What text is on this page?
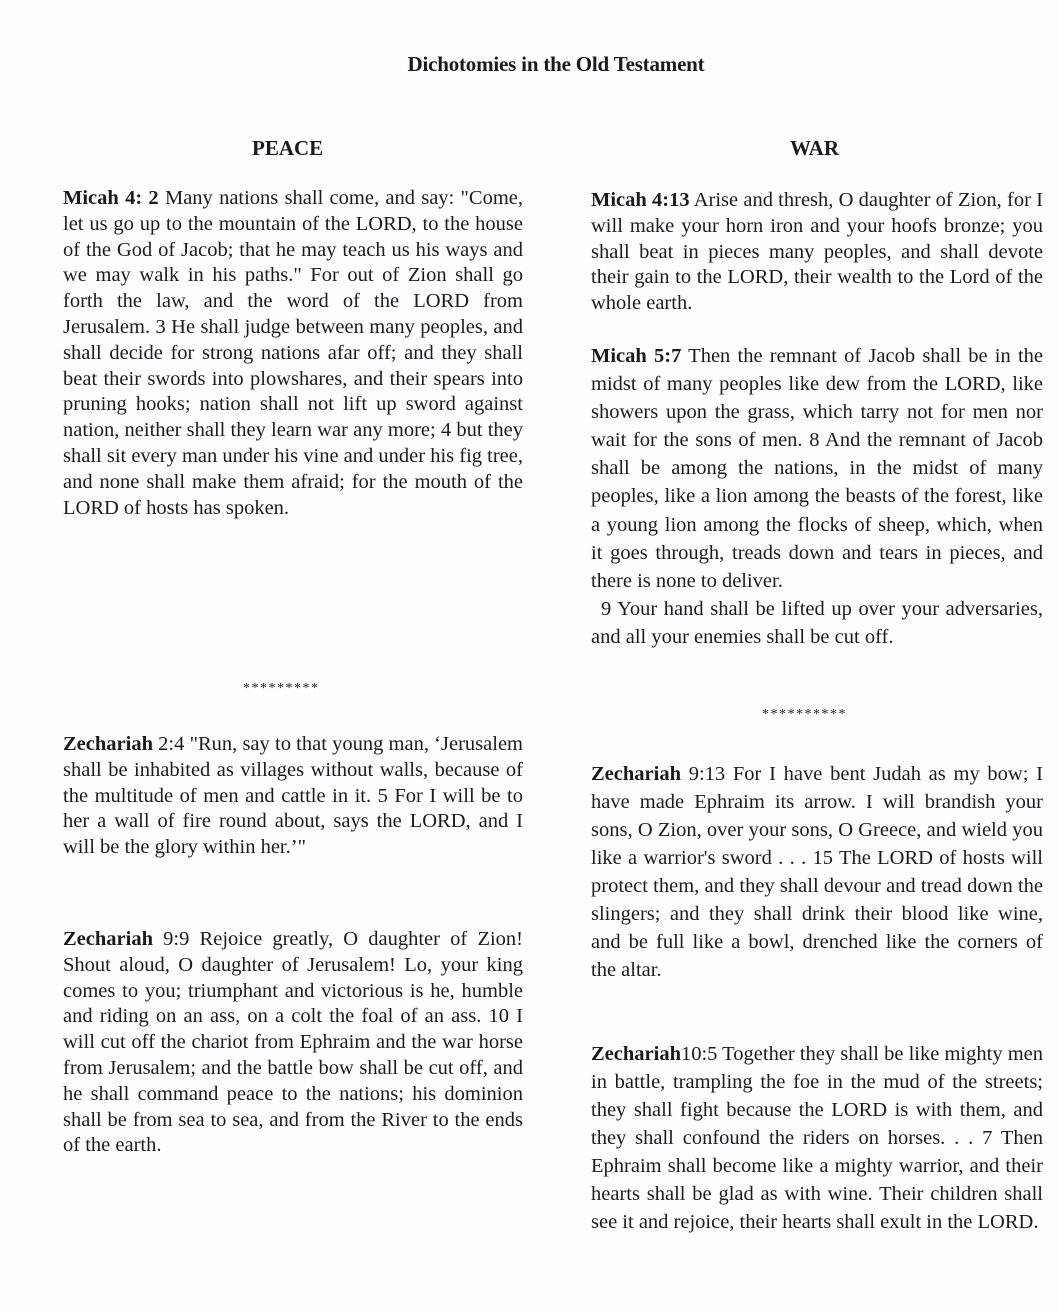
Dichotomies in the Old Testament
PEACE	WAR

Micah 4: 2 Many nations shall come, and say: "Come, let us go up to the mountain of the LORD, to the house of the God of Jacob; that he may teach us his ways and we may walk in his paths." For out of Zion shall go forth the law, and the word of the LORD from Jerusalem. 3 He shall judge between many peoples, and shall decide for strong nations afar off; and they shall beat their swords into plowshares, and their spears into pruning hooks; nation shall not lift up sword against nation, neither shall they learn war any more; 4 but they shall sit every man under his vine and under his fig tree, and none shall make them afraid; for the mouth of the LORD of hosts has spoken.

*********

Zechariah 2:4 "Run, say to that young man, ‘Jerusalem shall be inhabited as villages without walls, because of the multitude of men and cattle in it. 5 For I will be to her a wall of fire round about, says the LORD, and I will be the glory within her.’"

Zechariah 9:9 Rejoice greatly, O daughter of Zion! Shout aloud, O daughter of Jerusalem! Lo, your king comes to you; triumphant and victorious is he, humble and riding on an ass, on a colt the foal of an ass. 10 I will cut off the chariot from Ephraim and the war horse from Jerusalem; and the battle bow shall be cut off, and he shall command peace to the nations; his dominion shall be from sea to sea, and from the River to the ends of the earth.

Micah 4:13 Arise and thresh, O daughter of Zion, for I will make your horn iron and your hoofs bronze; you shall beat in pieces many peoples, and shall devote their gain to the LORD, their wealth to the Lord of the whole earth.

Micah 5:7 Then the remnant of Jacob shall be in the midst of many peoples like dew from the LORD, like showers upon the grass, which tarry not for men nor wait for the sons of men. 8 And the remnant of Jacob shall be among the nations, in the midst of many peoples, like a lion among the beasts of the forest, like a young lion among the flocks of sheep, which, when it goes through, treads down and tears in pieces, and there is none to deliver.

9 Your hand shall be lifted up over your adversaries, and all your enemies shall be cut off.

**********

Zechariah 9:13 For I have bent Judah as my bow; I have made Ephraim its arrow. I will brandish your sons, O Zion, over your sons, O Greece, and wield you like a warrior's sword . . . 15 The LORD of hosts will protect them, and they shall devour and tread down the slingers; and they shall drink their blood like wine, and be full like a bowl, drenched like the corners of the altar.

Zechariah10:5 Together they shall be like mighty men in battle, trampling the foe in the mud of the streets; they shall fight because the LORD is with them, and they shall confound the riders on horses. . . 7 Then Ephraim shall become like a mighty warrior, and their hearts shall be glad as with wine. Their children shall see it and rejoice, their hearts shall exult in the LORD.
